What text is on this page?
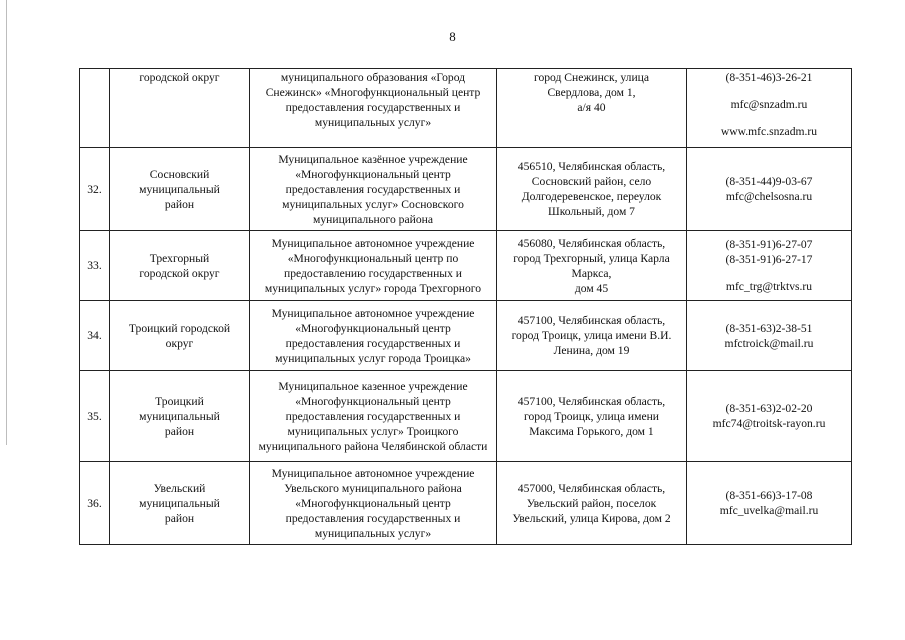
8

	городской округ	муниципального образования «Город
Снежинск» «Многофункциональный центр
предоставления государственных и
муниципальных услуг»	город Снежинск, улица
Свердлова, дом 1,
а/я 40	(8-351-46)3-26-21
mfc@snzadm.ru
www.mfc.snzadm.ru

32.	Сосновский
муниципальный
район	Муниципальное казённое учреждение
«Многофункциональный центр
предоставления государственных и
муниципальных услуг» Сосновского
муниципального района	456510, Челябинская область,
Сосновский район, село
Долгодеревенское, переулок
Школьный, дом 7	(8-351-44)9-03-67
mfc@chelsosna.ru

33.	Трехгорный
городской округ	Муниципальное автономное учреждение
«Многофункциональный центр по
предоставлению государственных и
муниципальных услуг» города Трехгорного	456080, Челябинская область,
город Трехгорный, улица Карла
Маркса,
дом 45	(8-351-91)6-27-07
(8-351-91)6-27-17
mfc_trg@trktvs.ru

34.	Троицкий городской
округ	Муниципальное автономное учреждение
«Многофункциональный центр
предоставления государственных и
муниципальных услуг города Троицка»	457100, Челябинская область,
город Троицк, улица имени В.И.
Ленина, дом 19	(8-351-63)2-38-51
mfctroick@mail.ru

35.	Троицкий
муниципальный
район	Муниципальное казенное учреждение
«Многофункциональный центр
предоставления государственных и
муниципальных услуг» Троицкого
муниципального района Челябинской области	457100, Челябинская область,
город Троицк, улица имени
Максима Горького, дом 1	(8-351-63)2-02-20
mfc74@troitsk-rayon.ru

36.	Увельский
муниципальный
район	Муниципальное автономное учреждение
Увельского муниципального района
«Многофункциональный центр
предоставления государственных и
муниципальных услуг»	457000, Челябинская область,
Увельский район, поселок
Увельский, улица Кирова, дом 2	(8-351-66)3-17-08
mfc_uvelka@mail.ru
